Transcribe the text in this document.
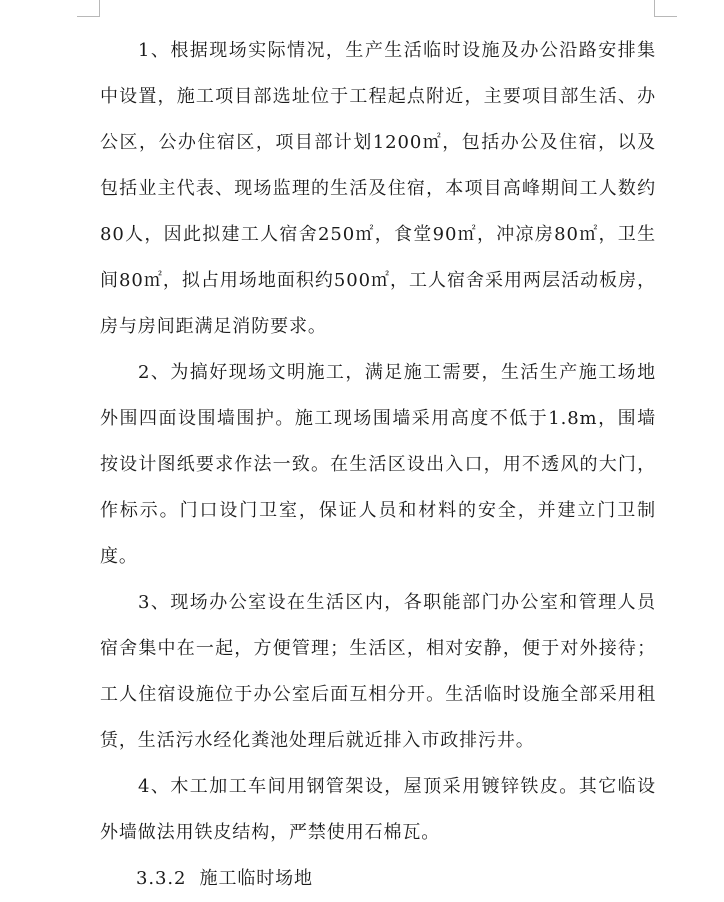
1、根据现场实际情况，生产生活临时设施及办公沿路安排集中设置，施工项目部选址位于工程起点附近，主要项目部生活、办公区，公办住宿区，项目部计划1200㎡，包括办公及住宿，以及包括业主代表、现场监理的生活及住宿，本项目高峰期间工人数约80人，因此拟建工人宿舍250㎡，食堂90㎡，冲凉房80㎡，卫生间80㎡，拟占用场地面积约500㎡，工人宿舍采用两层活动板房，房与房间距满足消防要求。

2、为搞好现场文明施工，满足施工需要，生活生产施工场地外围四面设围墙围护。施工现场围墙采用高度不低于1.8m，围墙按设计图纸要求作法一致。在生活区设出入口，用不透风的大门，作标示。门口设门卫室，保证人员和材料的安全，并建立门卫制度。

3、现场办公室设在生活区内，各职能部门办公室和管理人员宿舍集中在一起，方便管理；生活区，相对安静，便于对外接待；工人住宿设施位于办公室后面互相分开。生活临时设施全部采用租赁，生活污水经化粪池处理后就近排入市政排污井。

4、木工加工车间用钢管架设，屋顶采用镀锌铁皮。其它临设外墙做法用铁皮结构，严禁使用石棉瓦。

3.3.2  施工临时场地
